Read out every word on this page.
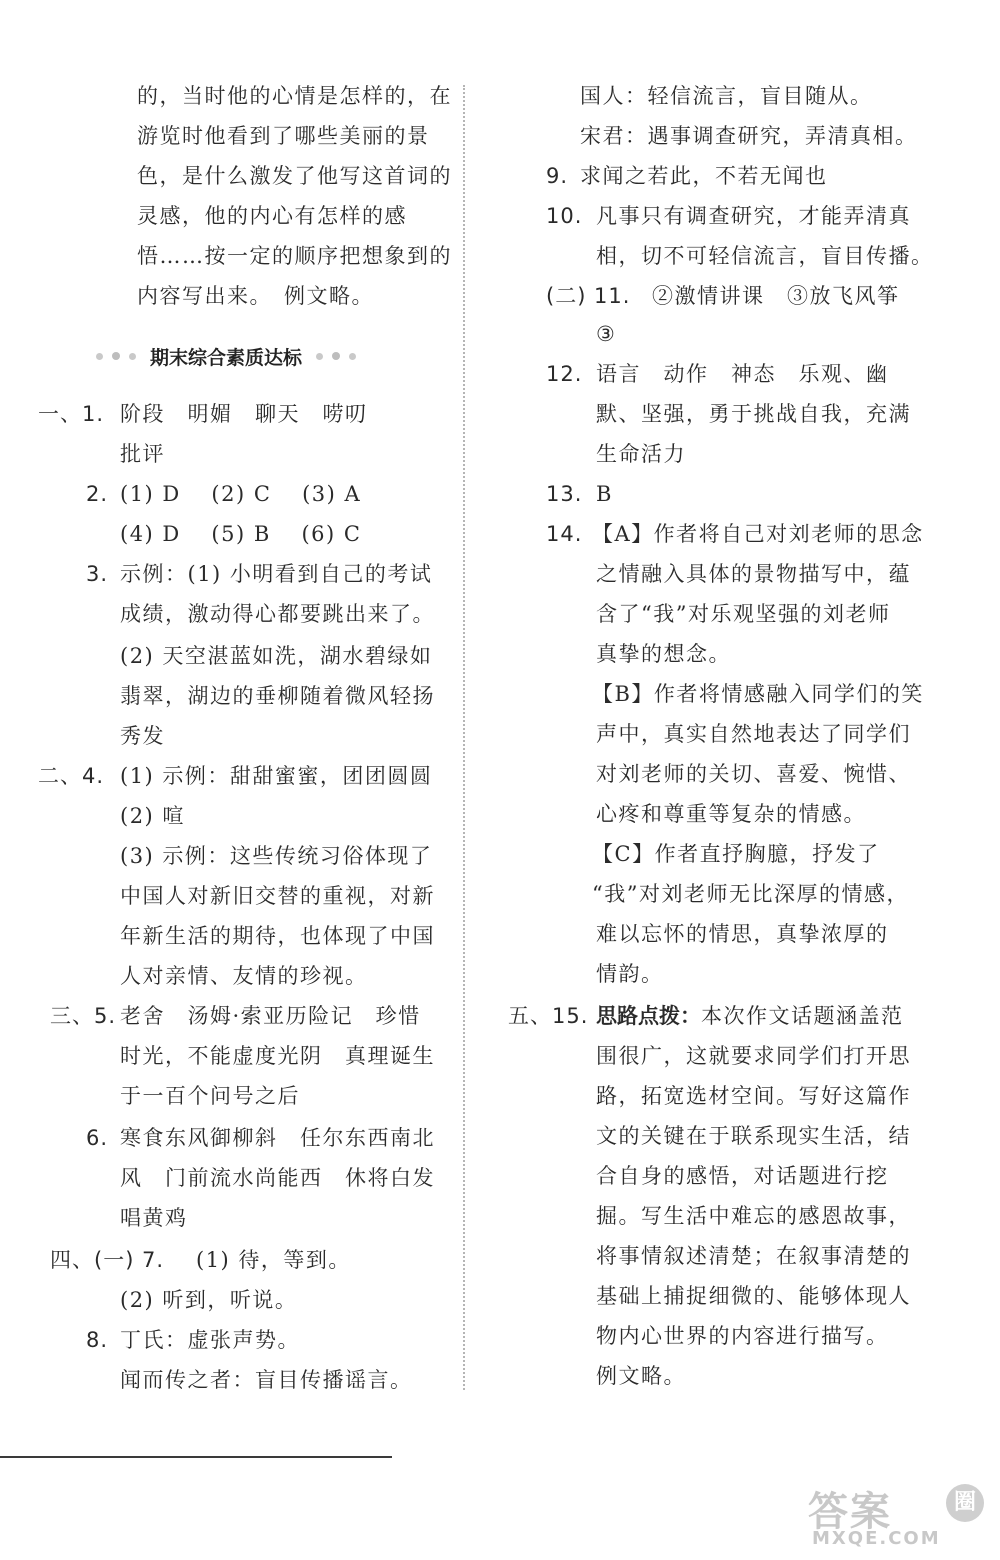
的，当时他的心情是怎样的，在
游览时他看到了哪些美丽的景
色，是什么激发了他写这首词的
灵感，他的内心有怎样的感
悟……按一定的顺序把想象到的
内容写出来。　例文略。
期末综合素质达标
一、1. 阶段　明媚　聊天　唠叨
批评
2. (1) D　 (2) C　 (3) A
(4) D　 (5) B　 (6) C
3. 示例：(1) 小明看到自己的考试
成绩，激动得心都要跳出来了。
(2) 天空湛蓝如洗，湖水碧绿如
翡翠，湖边的垂柳随着微风轻扬
秀发
二、4. (1) 示例：甜甜蜜蜜，团团圆圆
(2) 喧
(3) 示例：这些传统习俗体现了
中国人对新旧交替的重视，对新
年新生活的期待，也体现了中国
人对亲情、友情的珍视。
三、5. 老舍　汤姆·索亚历险记　珍惜
时光，不能虚度光阴　真理诞生
于一百个问号之后
6. 寒食东风御柳斜　任尔东西南北
风　门前流水尚能西　休将白发
唱黄鸡
四、(一) 7. (1) 待，等到。
(2) 听到，听说。
8. 丁氏：虚张声势。
闻而传之者：盲目传播谣言。
国人：轻信流言，盲目随从。
宋君：遇事调查研究，弄清真相。
9. 求闻之若此，不若无闻也
10. 凡事只有调查研究，才能弄清真
相，切不可轻信流言，盲目传播。
(二) 11. ②激情讲课　③放飞风筝
③
12. 语言　动作　神态　乐观、幽
默、坚强，勇于挑战自我，充满
生命活力
13. B
14. 【A】作者将自己对刘老师的思念
之情融入具体的景物描写中，蕴
含了“我”对乐观坚强的刘老师
真挚的想念。
【B】作者将情感融入同学们的笑
声中，真实自然地表达了同学们
对刘老师的关切、喜爱、惋惜、
心疼和尊重等复杂的情感。
【C】作者直抒胸臆，抒发了
“我”对刘老师无比深厚的情感，
难以忘怀的情思，真挚浓厚的
情韵。
五、15. 思路点拨：本次作文话题涵盖范
围很广，这就要求同学们打开思
路，拓宽选材空间。写好这篇作
文的关键在于联系现实生活，结
合自身的感悟，对话题进行挖
掘。写生活中难忘的感恩故事，
将事情叙述清楚；在叙事清楚的
基础上捕捉细微的、能够体现人
物内心世界的内容进行描写。
例文略。
答案	圈
MXQE.COM
